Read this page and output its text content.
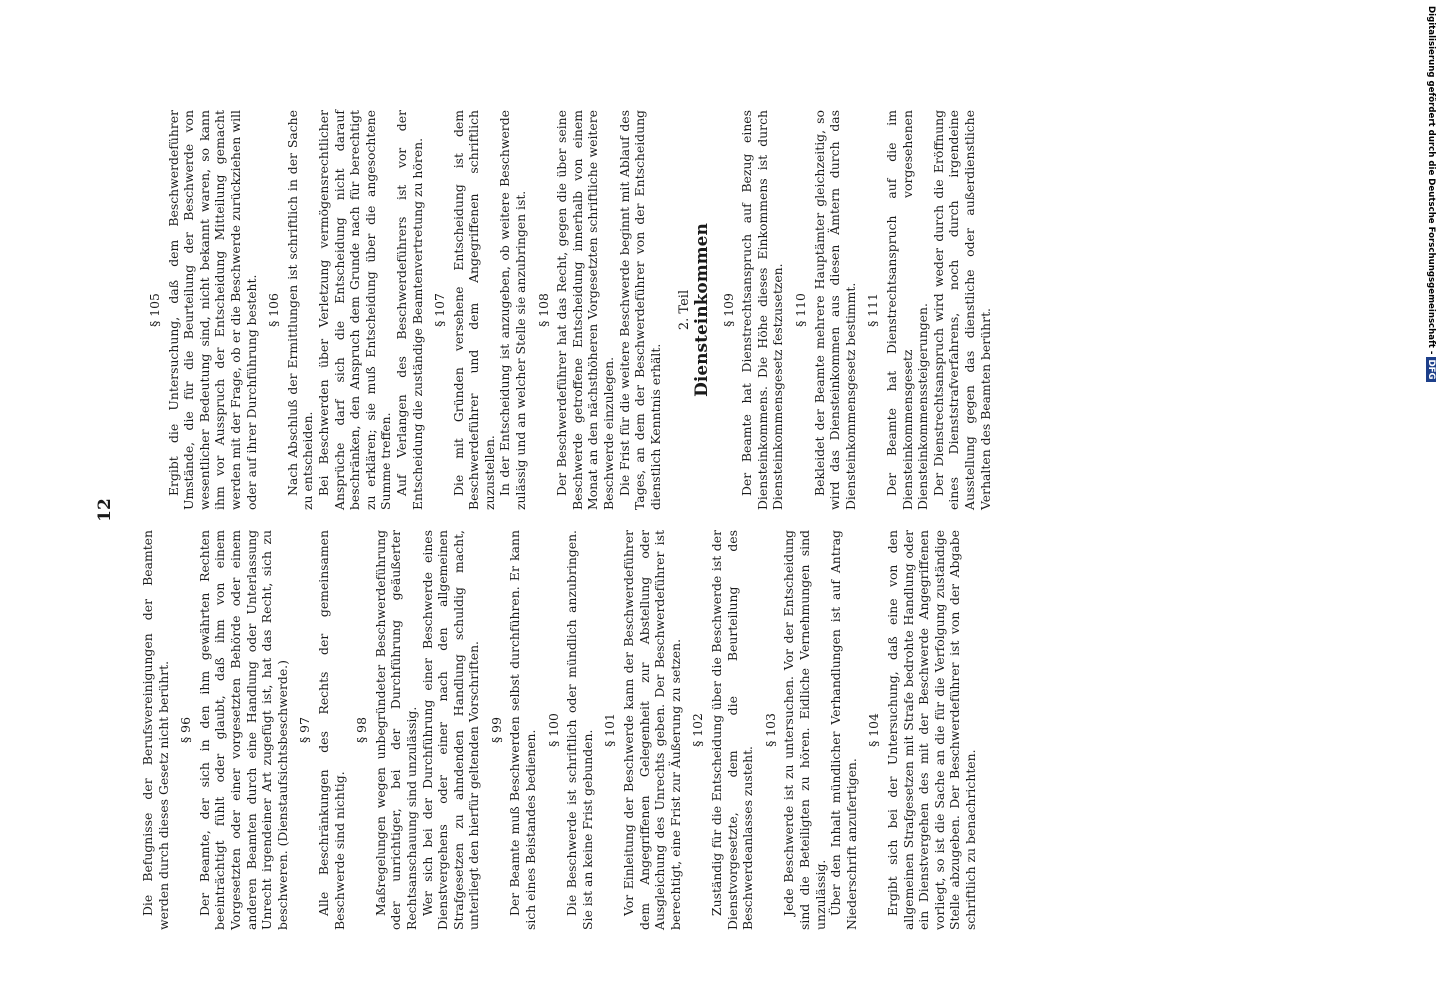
12
Die Befugnisse der Berufsvereinigungen der Beamten werden durch dieses Gesetz nicht berührt. § 96 Der Beamte, der sich in den ihm gewährten Rechten beeinträchtigt fühlt oder glaubt, daß ihm von einem Vorgesetzten oder einer vorgesetzten Behörde oder einem anderen Beamten durch eine Handlung oder Unterlassung Unrecht irgendeiner Art zugefügt ist, hat das Recht, sich zu beschweren. (Dienstaufsichtsbeschwerde.) § 97 Alle Beschränkungen des Rechts der gemeinsamen Beschwerde sind nichtig.
§ 98 Maßregelungen wegen unbegründeter Beschwerdeführung oder unrichtiger, bei der Durchführung geäußerter Rechtsanschauung sind unzulässig. Wer sich bei der Durchführung einer Beschwerde eines Dienstvergehens oder einer nach den allgemeinen Strafgesetzen zu ahndenden Handlung schuldig macht, unterliegt den hierfür geltenden Vorschriften. § 99 Der Beamte muß Beschwerden selbst durchführen. Er kann sich eines Beistandes bedienen. § 100 Die Beschwerde ist schriftlich oder mündlich anzubringen. Sie ist an keine Frist gebunden. § 101 Vor Einleitung der Beschwerde kann der Beschwerdeführer dem Angegriffenen Gelegenheit zur Abstellung oder Ausgleichung des Unrechts geben. Der Beschwerdeführer ist berechtigt, eine Frist zur Äußerung zu setzen. § 102 Zuständig für die Entscheidung über die Beschwerde ist der Dienstvorgesetzte, dem die Beurteilung des Beschwerdeanlasses zusteht.
§ 103 Jede Beschwerde ist zu untersuchen. Vor der Entscheidung sind die Beteiligten zu hören. Eidliche Vernehmungen sind unzulässig. Über den Inhalt mündlicher Verhandlungen ist auf Antrag Niederschrift anzufertigen.
§ 104 Ergibt sich bei der Untersuchung, daß eine von den allgemeinen Strafgesetzen mit Strafe bedrohte Handlung oder ein Dienstvergehen des mit der Beschwerde Angegriffenen vorliegt, so ist die Sache an die für die Verfolgung zuständige Stelle abzugeben. Der Beschwerdeführer ist von der Abgabe schriftlich zu benachrichten.
§ 105 Ergibt die Untersuchung, daß dem Beschwerdeführer Umstände, die für die Beurteilung der Beschwerde von wesentlicher Bedeutung sind, nicht bekannt waren, so kann ihm vor Ausspruch der Entscheidung Mitteilung gemacht werden mit der Frage, ob er die Beschwerde zurückziehen will oder auf ihrer Durchführung besteht. § 106 Nach Abschluß der Ermittlungen ist schriftlich in der Sache zu entscheiden. Bei Beschwerden über Verletzung vermögensrechtlicher Ansprüche darf sich die Entscheidung nicht darauf beschränken, den Anspruch dem Grunde nach für berechtigt zu erklären; sie muß Entscheidung über die angesochtene Summe treffen. Auf Verlangen des Beschwerdeführers ist vor der Entscheidung die zuständige Beamtenvertretung zu hören. § 107 Die mit Gründen versehene Entscheidung ist dem Beschwerdeführer und dem Angegriffenen schriftlich zuzustellen. In der Entscheidung ist anzugeben, ob weitere Beschwerde zulässig und an welcher Stelle sie anzubringen ist. § 108 Der Beschwerdeführer hat das Recht, gegen die über seine Beschwerde getroffene Entscheidung innerhalb von einem Monat an den nächsthöheren Vorgesetzten schriftliche weitere Beschwerde einzulegen. Die Frist für die weitere Beschwerde beginnt mit Ablauf des Tages, an dem der Beschwerdeführer von der Entscheidung dienstlich Kenntnis erhält.
2. Teil Diensteinkommen § 109 Der Beamte hat Dienstrechtsanspruch auf Bezug eines Diensteinkommens. Die Höhe dieses Einkommens ist durch Diensteinkommensgesetz festzusetzen. § 110 Bekleidet der Beamte mehrere Hauptämter gleichzeitig, so wird das Diensteinkommen aus diesen Ämtern durch das Diensteinkommensgesetz bestimmt. § 111 Der Beamte hat Dienstrechtsanspruch auf die im Diensteinkommensgesetz vorgesehenen Diensteinkommenssteigerungen. Der Dienstrechtsanspruch wird weder durch die Eröffnung eines Dienststrafverfahrens, noch durch irgendeine Ausstellung gegen das dienstliche oder außerdienstliche Verhalten des Beamten berührt.
Digitalisierung gefördert durch die Deutsche Forschungsgemeinschaft - DFG
